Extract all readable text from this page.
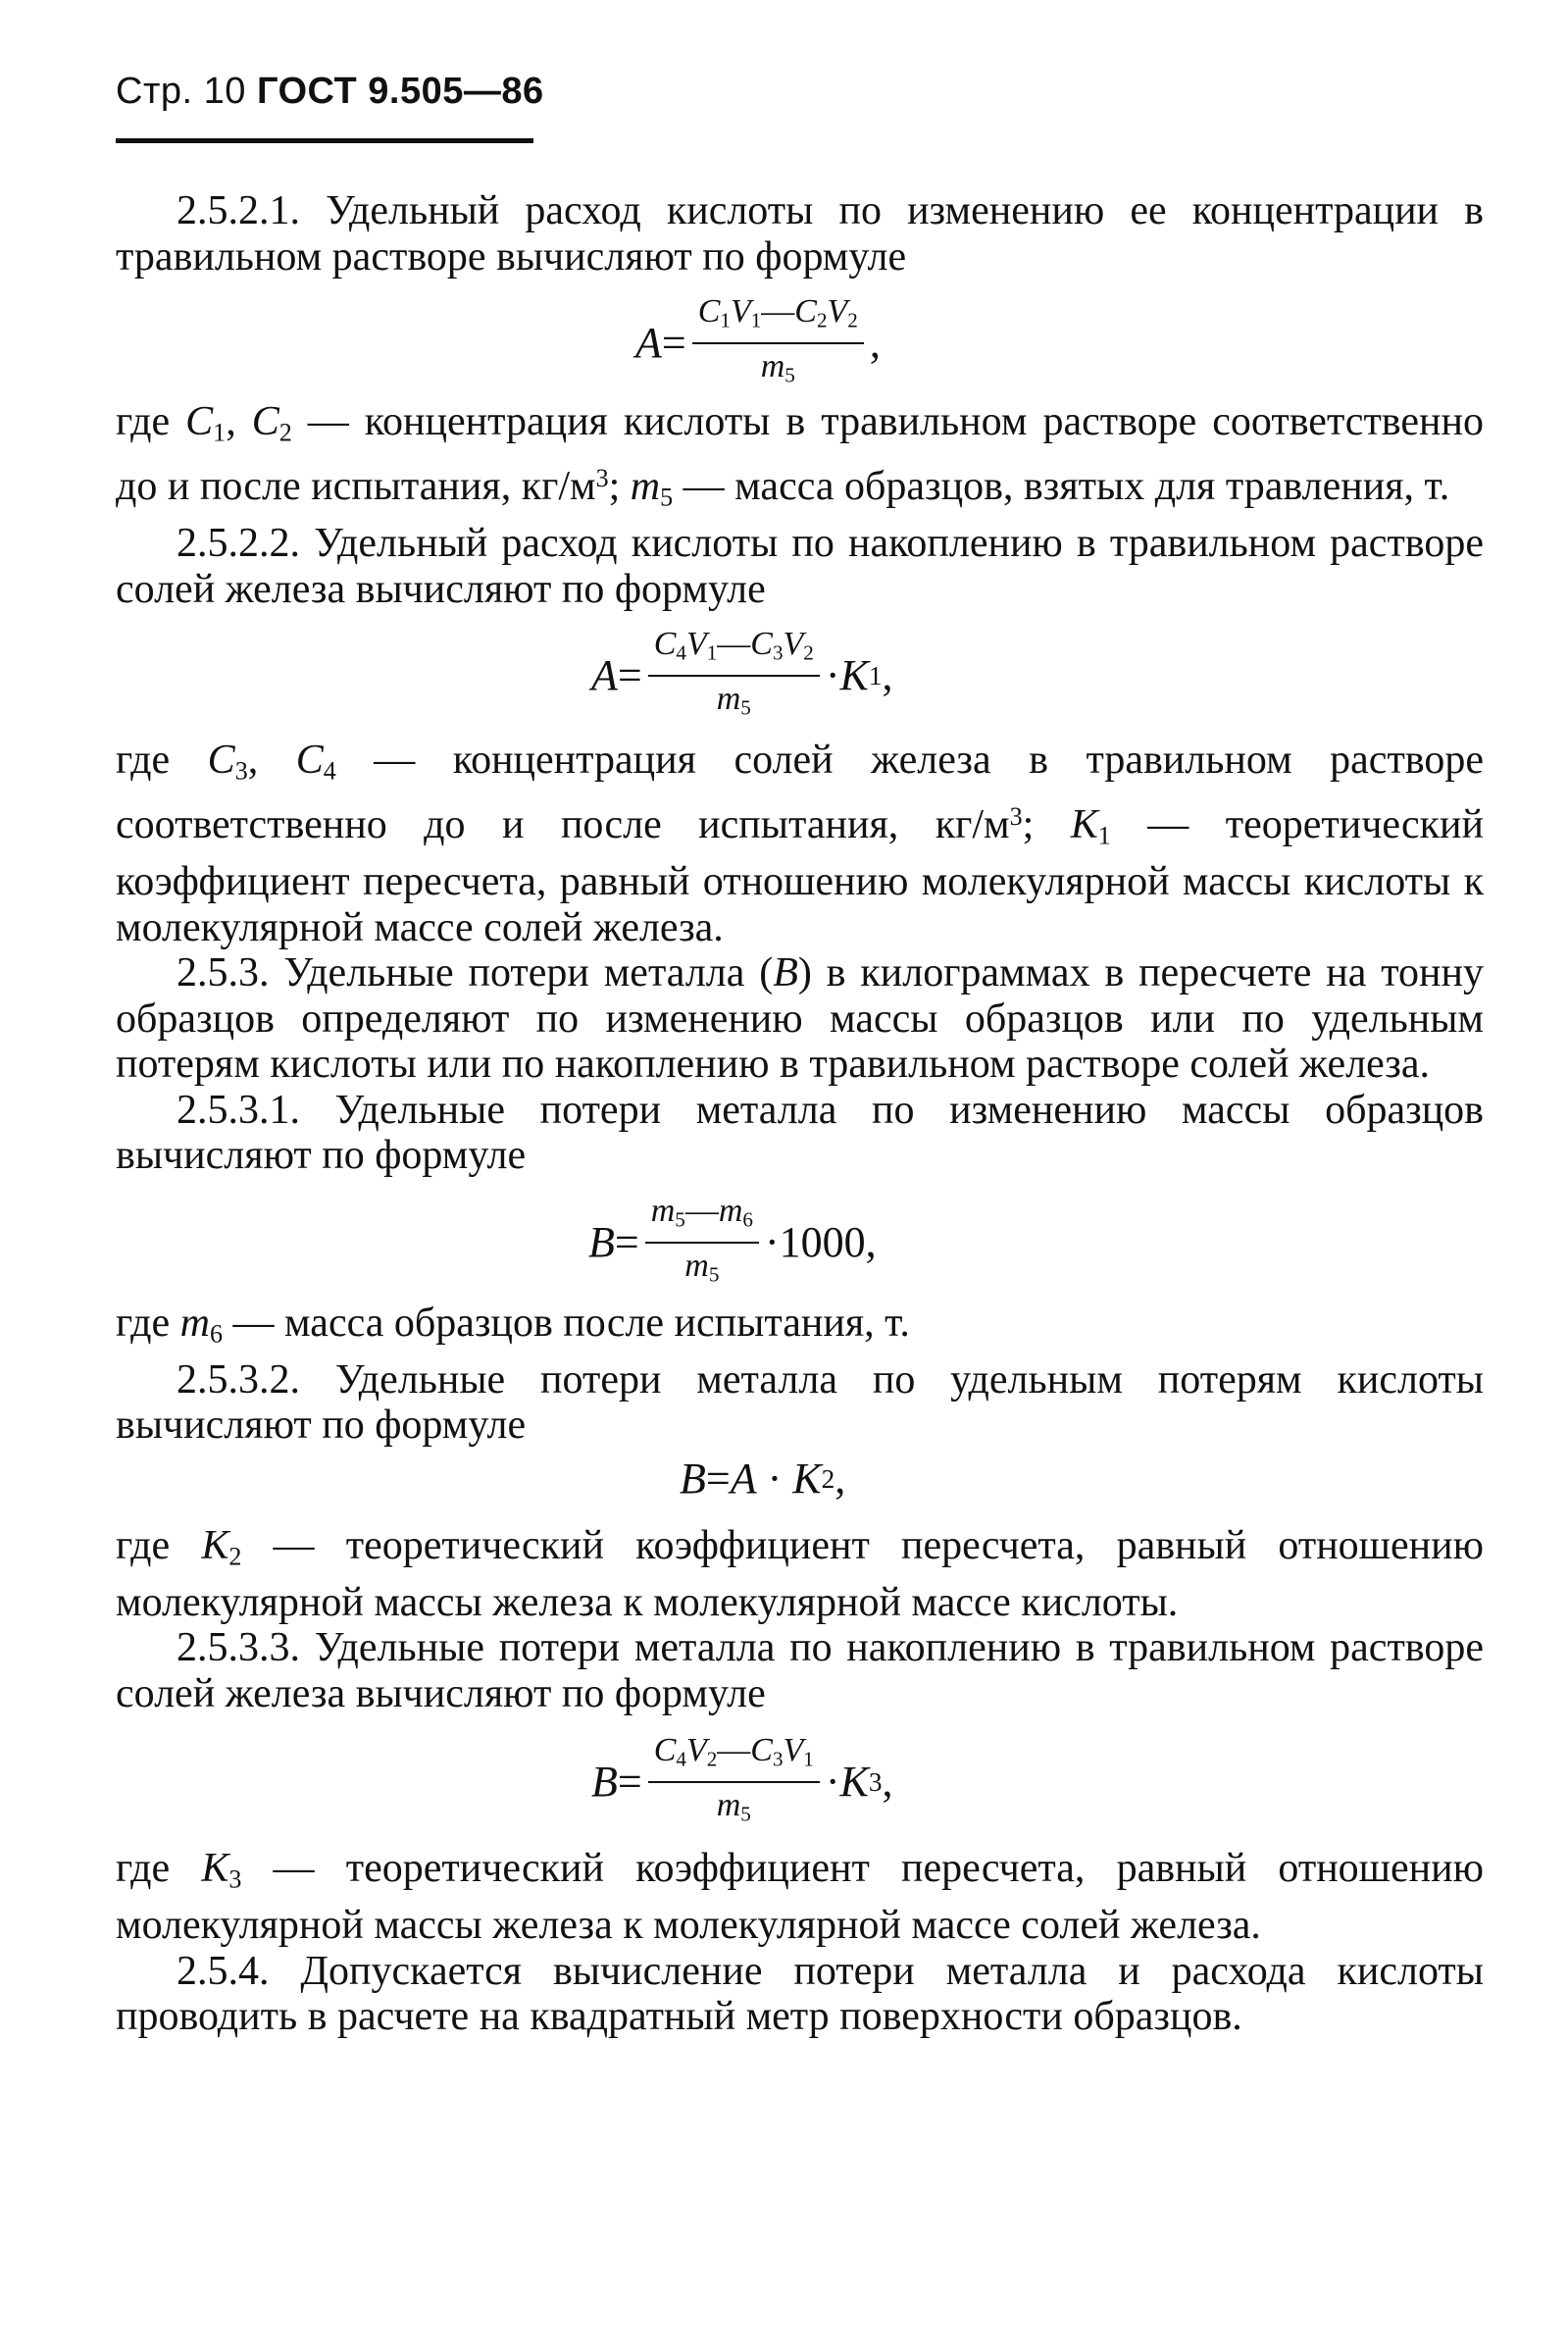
Стр. 10 ГОСТ 9.505—86

2.5.2.1. Удельный расход кислоты по изменению ее концентрации в травильном растворе вычисляют по формуле

$A = \frac{C_1V_1—C_2V_2}{m_5}$ ,

где $C_1$, $C_2$ — концентрация кислоты в травильном растворе соответственно до и после испытания, $кг/м^3$; $m_5$ — масса образцов, взятых для травления, т.

2.5.2.2. Удельный расход кислоты по накоплению в травильном растворе солей железа вычисляют по формуле

$A = \frac{C_4V_1—C_3V_2}{m_5} \cdot K$ 1 ,

где $C_3$, $C_4$ — концентрация солей железа в травильном растворе соответственно до и после испытания, $кг/м^3$; $K_1$ — теоретический коэффициент пересчета, равный отношению молекулярной массы кислоты к молекулярной массе солей железа.

2.5.3. Удельные потери металла (B) в килограммах в пересчете на тонну образцов определяют по изменению массы образцов или по удельным потерям кислоты или по накоплению в травильном растворе солей железа.

2.5.3.1. Удельные потери металла по изменению массы образцов вычисляют по формуле

$B = \frac{m_5—m_6}{m_5} \cdot 1000$ ,

где $m_6$ — масса образцов после испытания, т.

2.5.3.2. Удельные потери металла по удельным потерям кислоты вычисляют по формуле

B = A
·
K 2 ,

где $K_2$ — теоретический коэффициент пересчета, равный отношению молекулярной массы железа к молекулярной массе кислоты.

2.5.3.3. Удельные потери металла по накоплению в травильном растворе солей железа вычисляют по формуле

$B = \frac{C_4V_2—C_3V_1}{m_5} \cdot K$ 3 ,

где $K_3$ — теоретический коэффициент пересчета, равный отношению молекулярной массы железа к молекулярной массе солей железа.

2.5.4. Допускается вычисление потери металла и расхода кислоты проводить в расчете на квадратный метр поверхности образцов.
